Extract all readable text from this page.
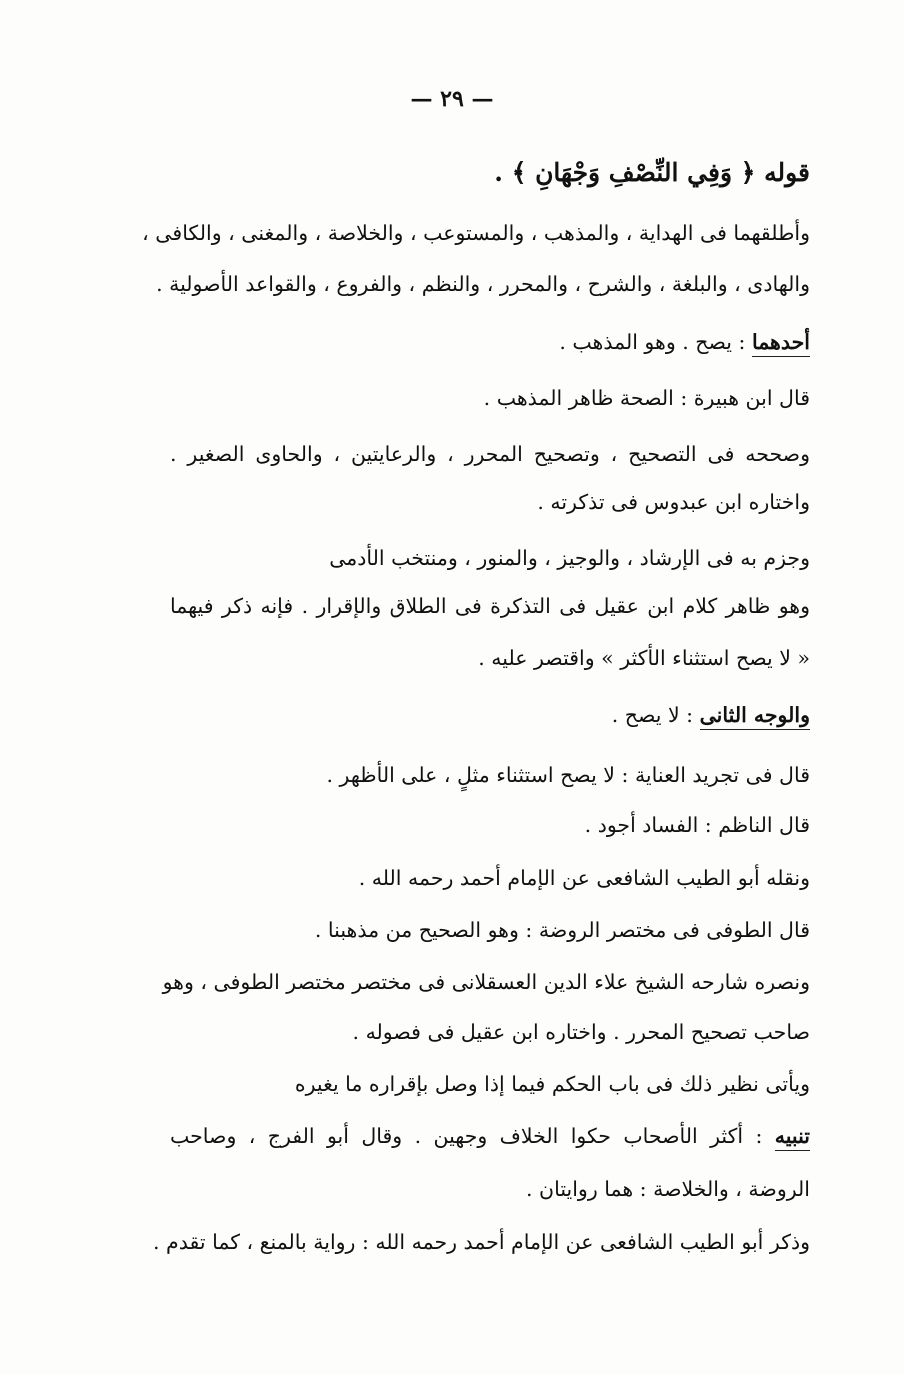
— ٢٩ —
قوله ﴿ وَفِي النِّصْفِ وَجْهَانِ ﴾ .
وأطلقهما فى الهداية ، والمذهب ، والمستوعب ، والخلاصة ، والمغنى ، والكافى ،
والهادى ، والبلغة ، والشرح ، والمحرر ، والنظم ، والفروع ، والقواعد الأصولية .
أحدهما : يصح . وهو المذهب .
قال ابن هبيرة : الصحة ظاهر المذهب .
وصححه فى التصحيح ، وتصحيح المحرر ، والرعايتين ، والحاوى الصغير .
واختاره ابن عبدوس فى تذكرته .
وجزم به فى الإرشاد ، والوجيز ، والمنور ، ومنتخب الأدمى
وهو ظاهر كلام ابن عقيل فى التذكرة فى الطلاق والإقرار . فإنه ذكر فيهما
« لا يصح استثناء الأكثر » واقتصر عليه .
والوجه الثانى : لا يصح .
قال فى تجريد العناية : لا يصح استثناء مثلٍ ، على الأظهر .
قال الناظم : الفساد أجود .
ونقله أبو الطيب الشافعى عن الإمام أحمد رحمه الله .
قال الطوفى فى مختصر الروضة : وهو الصحيح من مذهبنا .
ونصره شارحه الشيخ علاء الدين العسقلانى فى مختصر مختصر الطوفى ، وهو
صاحب تصحيح المحرر . واختاره ابن عقيل فى فصوله .
ويأتى نظير ذلك فى باب الحكم فيما إذا وصل بإقراره ما يغيره
تنبيه : أكثر الأصحاب حكوا الخلاف وجهين . وقال أبو الفرج ، وصاحب
الروضة ، والخلاصة : هما روايتان .
وذكر أبو الطيب الشافعى عن الإمام أحمد رحمه الله : رواية بالمنع ، كما تقدم .
